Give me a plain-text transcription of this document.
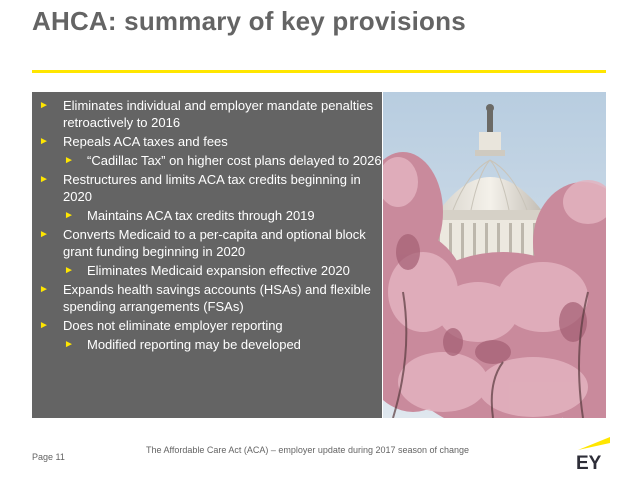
AHCA: summary of key provisions
► Eliminates individual and employer mandate penalties retroactively to 2016
► Repeals ACA taxes and fees
► “Cadillac Tax” on higher cost plans delayed to 2026
► Restructures and limits ACA tax credits beginning in 2020
► Maintains ACA tax credits through 2019
► Converts Medicaid to a per-capita and optional block grant funding beginning in 2020
► Eliminates Medicaid expansion effective 2020
► Expands health savings accounts (HSAs) and flexible spending arrangements (FSAs)
► Does not eliminate employer reporting
► Modified reporting may be developed
Page 11
The Affordable Care Act (ACA) – employer update during 2017 season of change
EY
